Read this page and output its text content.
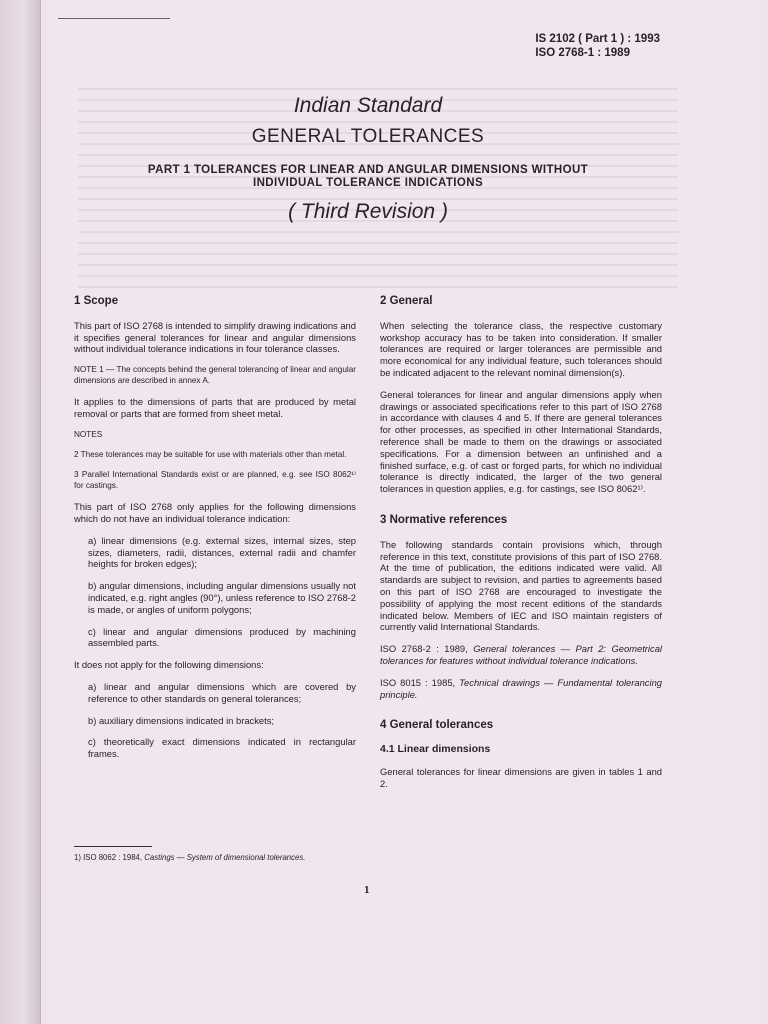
IS 2102 ( Part 1 ) : 1993
ISO 2768-1 : 1989
Indian Standard
GENERAL TOLERANCES
PART 1 TOLERANCES FOR LINEAR AND ANGULAR DIMENSIONS WITHOUT
INDIVIDUAL TOLERANCE INDICATIONS
( Third Revision )
1 Scope

This part of ISO 2768 is intended to simplify drawing indications and it specifies general tolerances for linear and angular dimensions without individual tolerance indications in four tolerance classes.

NOTE 1 — The concepts behind the general tolerancing of linear and angular dimensions are described in annex A.

It applies to the dimensions of parts that are produced by metal removal or parts that are formed from sheet metal.

NOTES

2 These tolerances may be suitable for use with materials other than metal.

3 Parallel International Standards exist or are planned, e.g. see ISO 8062¹⁾ for castings.

This part of ISO 2768 only applies for the following dimensions which do not have an individual tolerance indication:

a) linear dimensions (e.g. external sizes, internal sizes, step sizes, diameters, radii, distances, external radii and chamfer heights for broken edges);

b) angular dimensions, including angular dimensions usually not indicated, e.g. right angles (90°), unless reference to ISO 2768-2 is made, or angles of uniform polygons;

c) linear and angular dimensions produced by machining assembled parts.

It does not apply for the following dimensions:

a) linear and angular dimensions which are covered by reference to other standards on general tolerances;

b) auxiliary dimensions indicated in brackets;

c) theoretically exact dimensions indicated in rectangular frames.

2 General

When selecting the tolerance class, the respective customary workshop accuracy has to be taken into consideration. If smaller tolerances are required or larger tolerances are permissible and more economical for any individual feature, such tolerances should be indicated adjacent to the relevant nominal dimension(s).

General tolerances for linear and angular dimensions apply when drawings or associated specifications refer to this part of ISO 2768 in accordance with clauses 4 and 5. If there are general tolerances for other processes, as specified in other International Standards, reference shall be made to them on the drawings or associated specifications. For a dimension between an unfinished and a finished surface, e.g. of cast or forged parts, for which no individual tolerance is directly indicated, the larger of the two general tolerances in question applies, e.g. for castings, see ISO 8062¹⁾.

3 Normative references

The following standards contain provisions which, through reference in this text, constitute provisions of this part of ISO 2768. At the time of publication, the editions indicated were valid. All standards are subject to revision, and parties to agreements based on this part of ISO 2768 are encouraged to investigate the possibility of applying the most recent editions of the standards indicated below. Members of IEC and ISO maintain registers of currently valid International Standards.

ISO 2768-2 : 1989, General tolerances — Part 2: Geometrical tolerances for features without individual tolerance indications.

ISO 8015 : 1985, Technical drawings — Fundamental tolerancing principle.

4 General tolerances
4.1 Linear dimensions

General tolerances for linear dimensions are given in tables 1 and 2.

1) ISO 8062 : 1984, Castings — System of dimensional tolerances.
1
